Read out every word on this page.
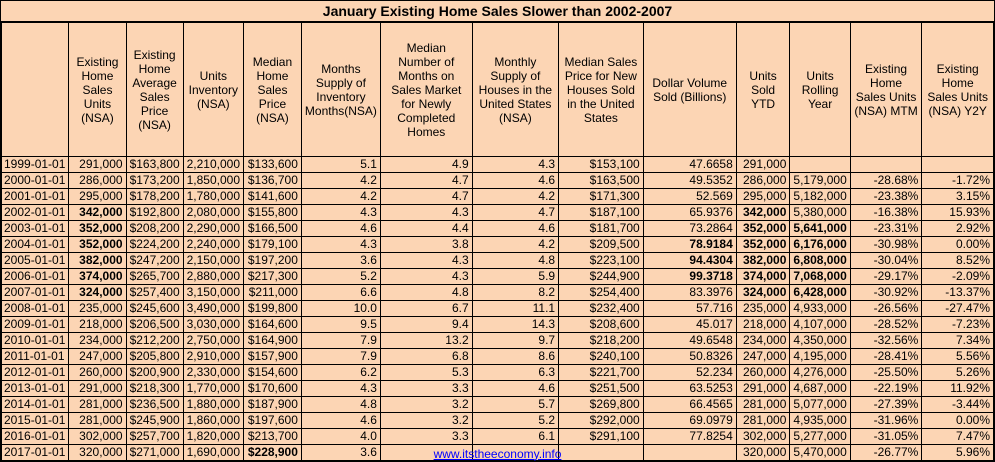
January Existing Home Sales Slower than 2002-2007
	Existing Home Sales Units (NSA)	Existing Home Average Sales Price (NSA)	Units Inventory (NSA)	Median Home Sales Price (NSA)	Months Supply of Inventory Months(NSA)	Median Number of Months on Sales Market for Newly Completed Homes	Monthly Supply of Houses in the United States (NSA)	Median Sales Price for New Houses Sold in the United States	Dollar Volume Sold (Billions)	Units Sold YTD	Units Rolling Year	Existing Home Sales Units (NSA) MTM	Existing Home Sales Units (NSA) Y2Y
1999-01-01	291,000	$163,800	2,210,000	$133,600	5.1	4.9	4.3	$153,100	47.6658	291,000			
2000-01-01	286,000	$173,200	1,850,000	$136,700	4.2	4.7	4.6	$163,500	49.5352	286,000	5,179,000	-28.68%	-1.72%
2001-01-01	295,000	$178,200	1,780,000	$141,600	4.2	4.7	4.2	$171,300	52.569	295,000	5,182,000	-23.38%	3.15%
2002-01-01	342,000	$192,800	2,080,000	$155,800	4.3	4.3	4.7	$187,100	65.9376	342,000	5,380,000	-16.38%	15.93%
2003-01-01	352,000	$208,200	2,290,000	$166,500	4.6	4.4	4.6	$181,700	73.2864	352,000	5,641,000	-23.31%	2.92%
2004-01-01	352,000	$224,200	2,240,000	$179,100	4.3	3.8	4.2	$209,500	78.9184	352,000	6,176,000	-30.98%	0.00%
2005-01-01	382,000	$247,200	2,150,000	$197,200	3.6	4.3	4.8	$223,100	94.4304	382,000	6,808,000	-30.04%	8.52%
2006-01-01	374,000	$265,700	2,880,000	$217,300	5.2	4.3	5.9	$244,900	99.3718	374,000	7,068,000	-29.17%	-2.09%
2007-01-01	324,000	$257,400	3,150,000	$211,000	6.6	4.8	8.2	$254,400	83.3976	324,000	6,428,000	-30.92%	-13.37%
2008-01-01	235,000	$245,600	3,490,000	$199,800	10.0	6.7	11.1	$232,400	57.716	235,000	4,933,000	-26.56%	-27.47%
2009-01-01	218,000	$206,500	3,030,000	$164,600	9.5	9.4	14.3	$208,600	45.017	218,000	4,107,000	-28.52%	-7.23%
2010-01-01	234,000	$212,200	2,750,000	$164,900	7.9	13.2	9.7	$218,200	49.6548	234,000	4,350,000	-32.56%	7.34%
2011-01-01	247,000	$205,800	2,910,000	$157,900	7.9	6.8	8.6	$240,100	50.8326	247,000	4,195,000	-28.41%	5.56%
2012-01-01	260,000	$200,900	2,330,000	$154,600	6.2	5.3	6.3	$221,700	52.234	260,000	4,276,000	-25.50%	5.26%
2013-01-01	291,000	$218,300	1,770,000	$170,600	4.3	3.3	4.6	$251,500	63.5253	291,000	4,687,000	-22.19%	11.92%
2014-01-01	281,000	$236,500	1,880,000	$187,900	4.8	3.2	5.7	$269,800	66.4565	281,000	5,077,000	-27.39%	-3.44%
2015-01-01	281,000	$245,900	1,860,000	$197,600	4.6	3.2	5.2	$292,000	69.0979	281,000	4,935,000	-31.96%	0.00%
2016-01-01	302,000	$257,700	1,820,000	$213,700	4.0	3.3	6.1	$291,100	77.8254	302,000	5,277,000	-31.05%	7.47%
2017-01-01	320,000	$271,000	1,690,000	$228,900	3.6					320,000	5,470,000	-26.77%	5.96%
www.itstheeconomy.info
